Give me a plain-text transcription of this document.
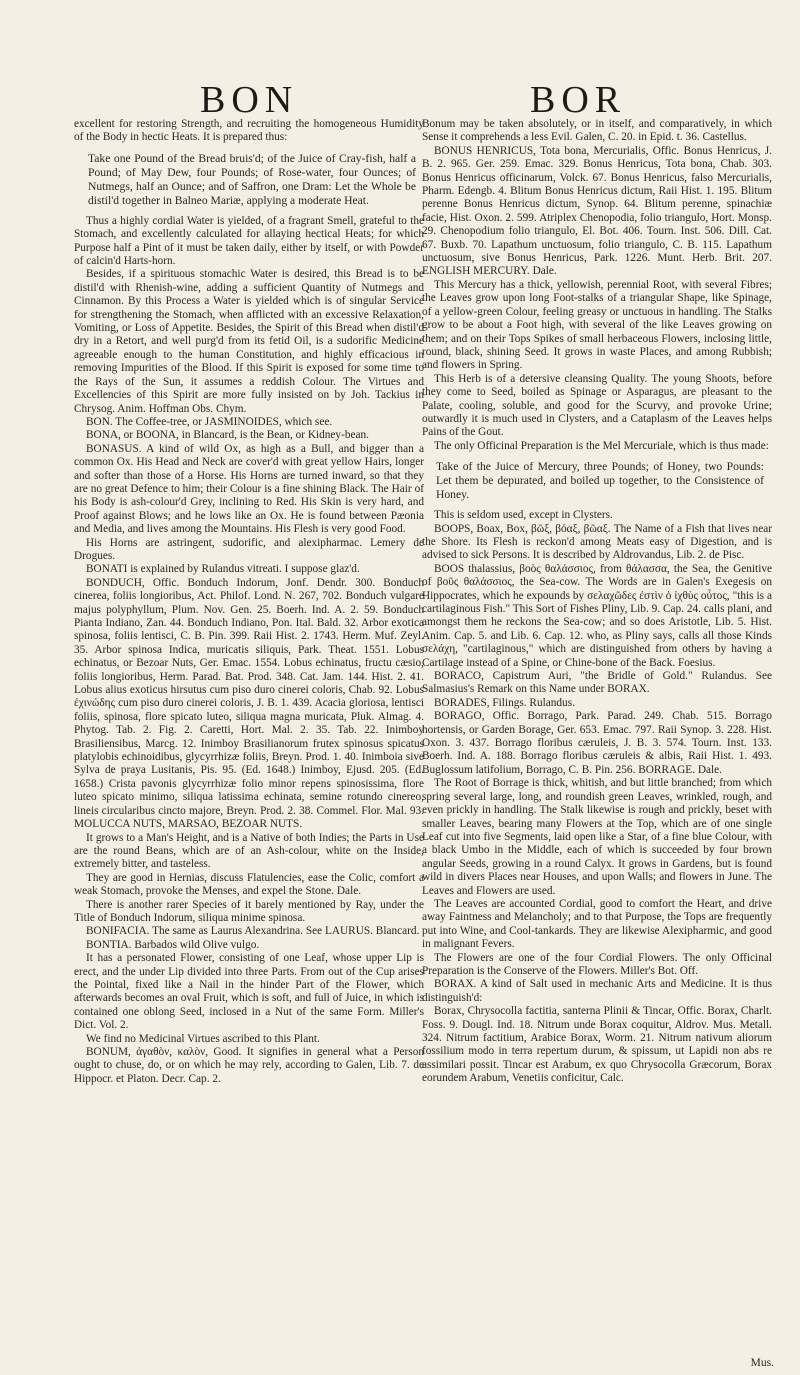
BON	BOR

excellent for restoring Strength, and recruiting the homogeneous Humidity of the Body in hectic Heats. It is prepared thus:

Take one Pound of the Bread bruis'd; of the Juice of Cray-fish, half a Pound; of May Dew, four Pounds; of Rose-water, four Ounces; of Nutmegs, half an Ounce; and of Saffron, one Dram: Let the Whole be distil'd together in Balneo Mariæ, applying a moderate Heat.

Thus a highly cordial Water is yielded, of a fragrant Smell, grateful to the Stomach, and excellently calculated for allaying hectical Heats; for which Purpose half a Pint of it must be taken daily, either by itself, or with Powder of calcin'd Harts-horn.

Besides, if a spirituous stomachic Water is desired, this Bread is to be distil'd with Rhenish-wine, adding a sufficient Quantity of Nutmegs and Cinnamon. By this Process a Water is yielded which is of singular Service for strengthening the Stomach, when afflicted with an excessive Relaxation, Vomiting, or Loss of Appetite. Besides, the Spirit of this Bread when distil'd dry in a Retort, and well purg'd from its fetid Oil, is a sudorific Medicine agreeable enough to the human Constitution, and highly efficacious in removing Impurities of the Blood. If this Spirit is exposed for some time to the Rays of the Sun, it assumes a reddish Colour. The Virtues and Excellencies of this Spirit are more fully insisted on by Joh. Tackius in Chrysog. Anim. Hoffman Obs. Chym.

BON. The Coffee-tree, or JASMINOIDES, which see.

BONA, or BOONA, in Blancard, is the Bean, or Kidney-bean.

BONASUS. A kind of wild Ox, as high as a Bull, and bigger than a common Ox. His Head and Neck are cover'd with great yellow Hairs, longer and softer than those of a Horse. His Horns are turned inward, so that they are no great Defence to him; their Colour is a fine shining Black. The Hair of his Body is ash-colour'd Grey, inclining to Red. His Skin is very hard, and Proof against Blows; and he lows like an Ox. He is found between Pæonia and Media, and lives among the Mountains. His Flesh is very good Food.

His Horns are astringent, sudorific, and alexipharmac. Lemery de Drogues.

BONATI is explained by Rulandus vitreati. I suppose glaz'd.

BONDUCH, Offic. Bonduch Indorum, Jonf. Dendr. 300. Bonduch cinerea, foliis longioribus, Act. Philof. Lond. N. 267, 702. Bonduch vulgare majus polyphyllum, Plum. Nov. Gen. 25. Boerh. Ind. A. 2. 59. Bonduch Pianta Indiano, Zan. 44. Bonduch Indiano, Pon. Ital. Bald. 32. Arbor exotica spinosa, foliis lentisci, C. B. Pin. 399. Raii Hist. 2. 1743. Herm. Muf. Zeyl. 35. Arbor spinosa Indica, muricatis siliquis, Park. Theat. 1551. Lobus echinatus, or Bezoar Nuts, Ger. Emac. 1554. Lobus echinatus, fructu cæsio, foliis longioribus, Herm. Parad. Bat. Prod. 348. Cat. Jam. 144. Hist. 2. 41. Lobus alius exoticus hirsutus cum piso duro cinerei coloris, Chab. 92. Lobus ἐχινώδης cum piso duro cinerei coloris, J. B. 1. 439. Acacia gloriosa, lentisci foliis, spinosa, flore spicato luteo, siliqua magna muricata, Pluk. Almag. 4. Phytog. Tab. 2. Fig. 2. Caretti, Hort. Mal. 2. 35. Tab. 22. Inimboy Brasiliensibus, Marcg. 12. Inimboy Brasilianorum frutex spinosus spicatus platylobis echinoidibus, glycyrrhizæ foliis, Breyn. Prod. 1. 40. Inimboia sive Sylva de praya Lusitanis, Pis. 95. (Ed. 1648.) Inimboy, Ejusd. 205. (Ed. 1658.) Crista pavonis glycyrrhizæ folio minor repens spinosissima, flore luteo spicato minimo, siliqua latissima echinata, semine rotundo cinereo, lineis circularibus cincto majore, Breyn. Prod. 2. 38. Commel. Flor. Mal. 93. MOLUCCA NUTS, MARSAO, BEZOAR NUTS.

It grows to a Man's Height, and is a Native of both Indies; the Parts in Use are the round Beans, which are of an Ash-colour, white on the Inside, extremely bitter, and tasteless.

They are good in Hernias, discuss Flatulencies, ease the Colic, comfort a weak Stomach, provoke the Menses, and expel the Stone. Dale.

There is another rarer Species of it barely mentioned by Ray, under the Title of Bonduch Indorum, siliqua minime spinosa.

BONIFACIA. The same as Laurus Alexandrina. See LAURUS. Blancard.

BONTIA. Barbados wild Olive vulgo.

It has a personated Flower, consisting of one Leaf, whose upper Lip is erect, and the under Lip divided into three Parts. From out of the Cup arises the Pointal, fixed like a Nail in the hinder Part of the Flower, which afterwards becomes an oval Fruit, which is soft, and full of Juice, in which is contained one oblong Seed, inclosed in a Nut of the same Form. Miller's Dict. Vol. 2.

We find no Medicinal Virtues ascribed to this Plant.

BONUM, ἀγαθὸν, καλὸν, Good. It signifies in general what a Person ought to chuse, do, or on which he may rely, according to Galen, Lib. 7. de Hippocr. et Platon. Decr. Cap. 2.

Bonum may be taken absolutely, or in itself, and comparatively, in which Sense it comprehends a less Evil. Galen, C. 20. in Epid. t. 36. Castellus.

BONUS HENRICUS, Tota bona, Mercurialis, Offic. Bonus Henricus, J. B. 2. 965. Ger. 259. Emac. 329. Bonus Henricus, Tota bona, Chab. 303. Bonus Henricus officinarum, Volck. 67. Bonus Henricus, falso Mercurialis, Pharm. Edengb. 4. Blitum Bonus Henricus dictum, Raii Hist. 1. 195. Blitum perenne Bonus Henricus dictum, Synop. 64. Blitum perenne, spinachiæ facie, Hist. Oxon. 2. 599. Atriplex Chenopodia, folio triangulo, Hort. Monsp. 29. Chenopodium folio triangulo, El. Bot. 406. Tourn. Inst. 506. Dill. Cat. 67. Buxb. 70. Lapathum unctuosum, folio triangulo, C. B. 115. Lapathum unctuosum, sive Bonus Henricus, Park. 1226. Munt. Herb. Brit. 207. ENGLISH MERCURY. Dale.

This Mercury has a thick, yellowish, perennial Root, with several Fibres; the Leaves grow upon long Foot-stalks of a triangular Shape, like Spinage, of a yellow-green Colour, feeling greasy or unctuous in handling. The Stalks grow to be about a Foot high, with several of the like Leaves growing on them; and on their Tops Spikes of small herbaceous Flowers, inclosing little, round, black, shining Seed. It grows in waste Places, and among Rubbish; and flowers in Spring.

This Herb is of a detersive cleansing Quality. The young Shoots, before they come to Seed, boiled as Spinage or Asparagus, are pleasant to the Palate, cooling, soluble, and good for the Scurvy, and provoke Urine; outwardly it is much used in Clysters, and a Cataplasm of the Leaves helps Pains of the Gout.

The only Officinal Preparation is the Mel Mercuriale, which is thus made:

Take of the Juice of Mercury, three Pounds; of Honey, two Pounds: Let them be depurated, and boiled up together, to the Consistence of Honey.

This is seldom used, except in Clysters.

BOOPS, Boax, Box, βῶξ, βόαξ, βῶαξ. The Name of a Fish that lives near the Shore. Its Flesh is reckon'd among Meats easy of Digestion, and is advised to sick Persons. It is described by Aldrovandus, Lib. 2. de Pisc.

BOOS thalassius, βοὸς θαλάσσιος, from θάλασσα, the Sea, the Genitive of βοῦς θαλάσσιος, the Sea-cow. The Words are in Galen's Exegesis on Hippocrates, which he expounds by σελαχῶδες ἐστὶν ὁ ἰχθὺς οὗτος, "this is a cartilaginous Fish." This Sort of Fishes Pliny, Lib. 9. Cap. 24. calls plani, and amongst them he reckons the Sea-cow; and so does Aristotle, Lib. 5. Hist. Anim. Cap. 5. and Lib. 6. Cap. 12. who, as Pliny says, calls all those Kinds σελάχη, "cartilaginous," which are distinguished from others by having a Cartilage instead of a Spine, or Chine-bone of the Back. Foesius.

BORACO, Capistrum Auri, "the Bridle of Gold." Rulandus. See Salmasius's Remark on this Name under BORAX.

BORADES, Filings. Rulandus.

BORAGO, Offic. Borrago, Park. Parad. 249. Chab. 515. Borrago hortensis, or Garden Borage, Ger. 653. Emac. 797. Raii Synop. 3. 228. Hist. Oxon. 3. 437. Borrago floribus cæruleis, J. B. 3. 574. Tourn. Inst. 133. Boerh. Ind. A. 188. Borrago floribus cæruleis & albis, Raii Hist. 1. 493. Buglossum latifolium, Borrago, C. B. Pin. 256. BORRAGE. Dale.

The Root of Borrage is thick, whitish, and but little branched; from which spring several large, long, and roundish green Leaves, wrinkled, rough, and even prickly in handling. The Stalk likewise is rough and prickly, beset with smaller Leaves, bearing many Flowers at the Top, which are of one single Leaf cut into five Segments, laid open like a Star, of a fine blue Colour, with a black Umbo in the Middle, each of which is succeeded by four brown angular Seeds, growing in a round Calyx. It grows in Gardens, but is found wild in divers Places near Houses, and upon Walls; and flowers in June. The Leaves and Flowers are used.

The Leaves are accounted Cordial, good to comfort the Heart, and drive away Faintness and Melancholy; and to that Purpose, the Tops are frequently put into Wine, and Cool-tankards. They are likewise Alexipharmic, and good in malignant Fevers.

The Flowers are one of the four Cordial Flowers. The only Officinal Preparation is the Conserve of the Flowers. Miller's Bot. Off.

BORAX. A kind of Salt used in mechanic Arts and Medicine. It is thus distinguish'd:

Borax, Chrysocolla factitia, santerna Plinii & Tincar, Offic. Borax, Charlt. Foss. 9. Dougl. Ind. 18. Nitrum unde Borax coquitur, Aldrov. Mus. Metall. 324. Nitrum factitium, Arabice Borax, Worm. 21. Nitrum nativum aliorum fossilium modo in terra repertum durum, & spissum, ut Lapidi non abs re assimilari possit. Tincar est Arabum, ex quo Chrysocolla Græcorum, Borax eorundem Arabum, Venetiis conficitur, Calc.

Mus.
